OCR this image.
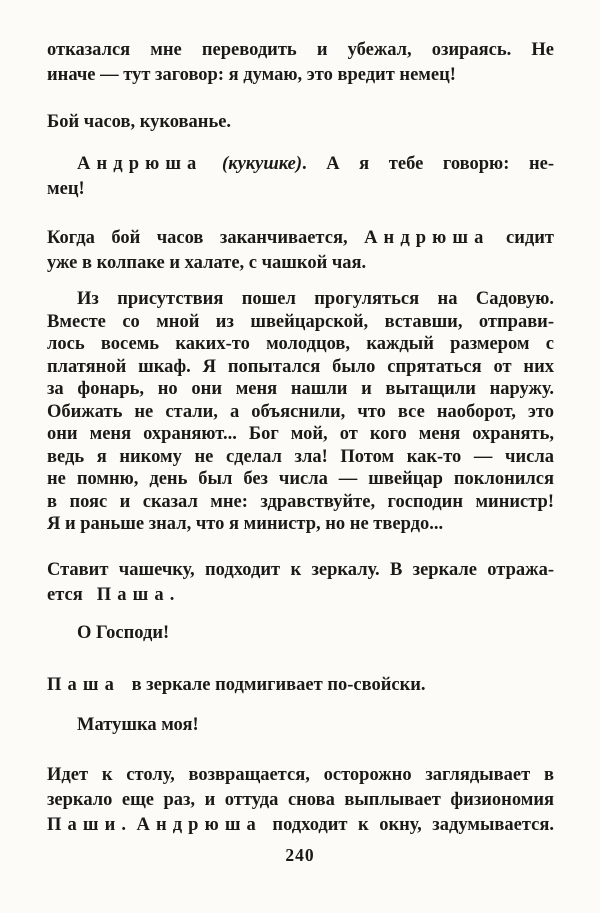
отказался мне переводить и убежал, озираясь. Не
иначе — тут заговор: я думаю, это вредит немец!

Бой часов, кукованье.

Андрюша (кукушке). А я тебе говорю: не-
мец!

Когда бой часов заканчивается, Андрюша сидит
уже в колпаке и халате, с чашкой чая.

Из присутствия пошел прогуляться на Садовую.
Вместе со мной из швейцарской, вставши, отправи-
лось восемь каких-то молодцов, каждый размером с
платяной шкаф. Я попытался было спрятаться от них
за фонарь, но они меня нашли и вытащили наружу.
Обижать не стали, а объяснили, что все наоборот, это
они меня охраняют... Бог мой, от кого меня охранять,
ведь я никому не сделал зла! Потом как-то — числа
не помню, день был без числа — швейцар поклонился
в пояс и сказал мне: здравствуйте, господин министр!
Я и раньше знал, что я министр, но не твердо...

Ставит чашечку, подходит к зеркалу. В зеркале отража-
ется Паша.

О Господи!

Паша в зеркале подмигивает по-свойски.

Матушка моя!

Идет к столу, возвращается, осторожно заглядывает в
зеркало еще раз, и оттуда снова выплывает физиономия
Паши. Андрюша подходит к окну, задумывается.

240
